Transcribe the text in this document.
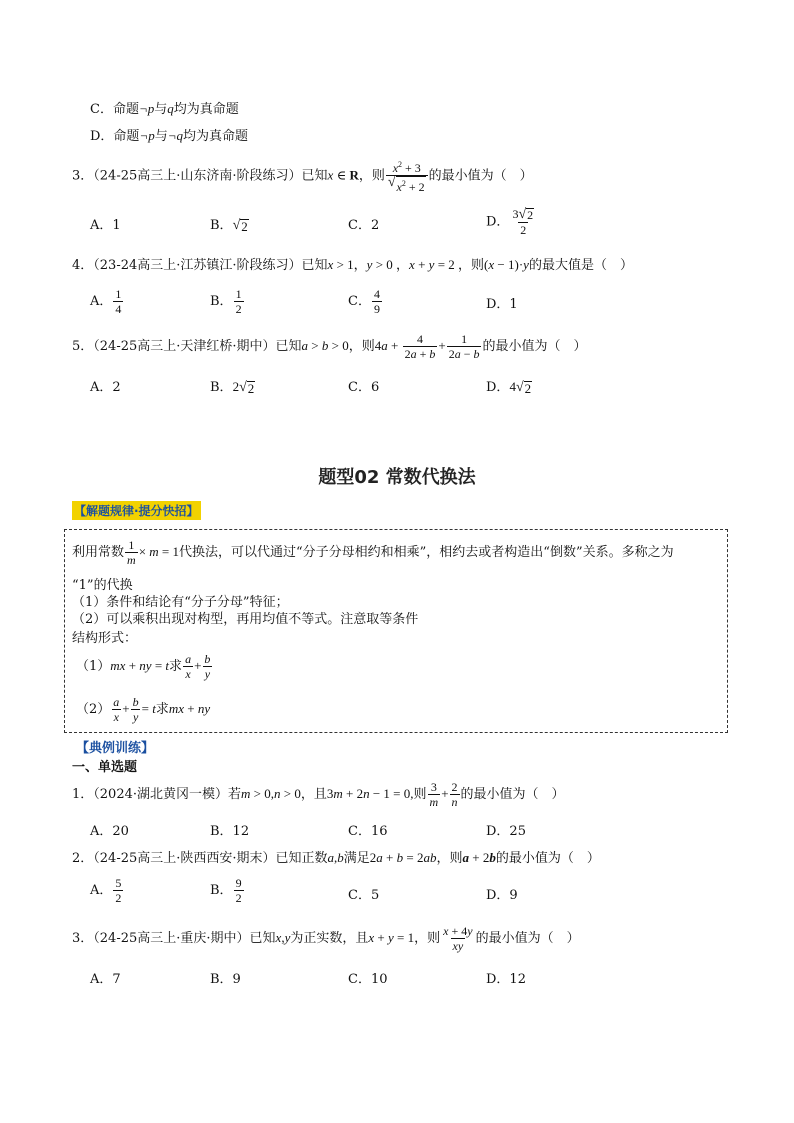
C．命题¬p与q均为真命题
D．命题¬p与¬q均为真命题
3．（24-25高三上·山东济南·阶段练习）已知x ∈ R，则 $\frac{x^2 + 3}{√ x^2 + 2}$ 的最小值为（　）
A．1	B． √ 2	C．2	D． $\frac{3 √ 2}{2}$
4．（23-24高三上·江苏镇江·阶段练习）已知x > 1，y > 0 ，x + y = 2 ，则(x − 1)·y的最大值是（　）
A． $\frac{1}{4}$	B． $\frac{1}{2}$	C． $\frac{4}{9}$	D．1
5．（24-25高三上·天津红桥·期中）已知a > b > 0，则$4a + \frac{4}{2a + b} + \frac{1}{2a - b}$ 的最小值为（　）
A．2	B．2 √ 2	C．6	D．4 √ 2
题型02 常数代换法
【解题规律·提分快招】
利用常数 $\frac{1}{m} \times m = 1$代换法，可以代通过“分子分母相约和相乘”，相约去或者构造出“倒数”关系。多称之为
“1”的代换
（1）条件和结论有“分子分母”特征；
（2）可以乘积出现对构型，再用均值不等式。注意取等条件
结构形式：
（1）mx + ny = t求 $\frac{a}{x} + \frac{b}{y}$
$(2) \frac{a}{x} + \frac{b}{y} = t$求mx + ny
【典例训练】
一、单选题
1．（2024·湖北黄冈一模）若m > 0,n > 0，且3m + 2n − 1 = 0,则 $\frac{3}{m} + \frac{2}{n}$ 的最小值为（　）
A．20	B．12	C．16	D．25
2．（24-25高三上·陕西西安·期末）已知正数a,b满足2a + b = 2ab，则a + 2b的最小值为（　）
A． $\frac{5}{2}$	B． $\frac{9}{2}$	C．5	D．9
3．（24-25高三上·重庆·期中）已知x,y为正实数，且x + y = 1，则 $\frac{x + 4y}{xy}$ 的最小值为（　）
A．7	B．9	C．10	D．12
